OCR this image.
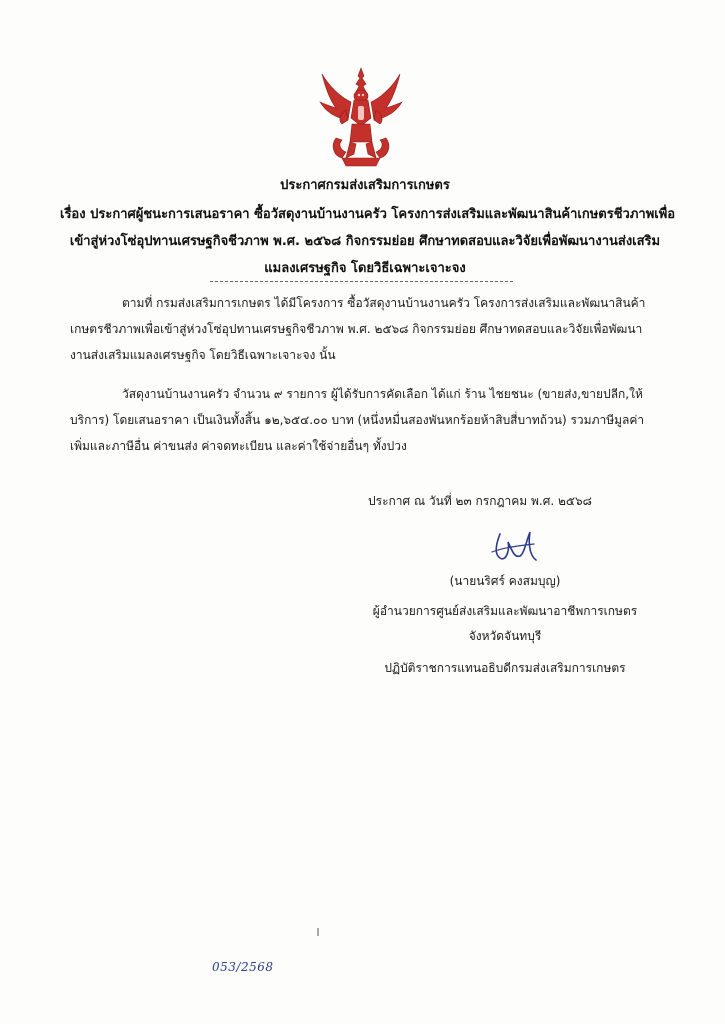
ประกาศกรมส่งเสริมการเกษตร
เรื่อง ประกาศผู้ชนะการเสนอราคา ซื้อวัสดุงานบ้านงานครัว โครงการส่งเสริมและพัฒนาสินค้าเกษตรชีวภาพเพื่อ
เข้าสู่ห่วงโซ่อุปทานเศรษฐกิจชีวภาพ พ.ศ. ๒๕๖๘ กิจกรรมย่อย ศึกษาทดสอบและวิจัยเพื่อพัฒนางานส่งเสริม
แมลงเศรษฐกิจ โดยวิธีเฉพาะเจาะจง
ตามที่ กรมส่งเสริมการเกษตร ได้มีโครงการ ซื้อวัสดุงานบ้านงานครัว โครงการส่งเสริมและพัฒนาสินค้า
เกษตรชีวภาพเพื่อเข้าสู่ห่วงโซ่อุปทานเศรษฐกิจชีวภาพ พ.ศ. ๒๕๖๘ กิจกรรมย่อย ศึกษาทดสอบและวิจัยเพื่อพัฒนา
งานส่งเสริมแมลงเศรษฐกิจ โดยวิธีเฉพาะเจาะจง นั้น
วัสดุงานบ้านงานครัว จำนวน ๙ รายการ ผู้ได้รับการคัดเลือก ได้แก่ ร้าน ไชยชนะ (ขายส่ง,ขายปลีก,ให้
บริการ) โดยเสนอราคา เป็นเงินทั้งสิ้น ๑๒,๖๕๔.๐๐ บาท (หนึ่งหมื่นสองพันหกร้อยห้าสิบสี่บาทถ้วน) รวมภาษีมูลค่า
เพิ่มและภาษีอื่น ค่าขนส่ง ค่าจดทะเบียน และค่าใช้จ่ายอื่นๆ ทั้งปวง
ประกาศ ณ วันที่ ๒๓ กรกฎาคม พ.ศ. ๒๕๖๘
(นายนริศร์ คงสมบุญ)
ผู้อำนวยการศูนย์ส่งเสริมและพัฒนาอาชีพการเกษตร
จังหวัดจันทบุรี
ปฏิบัติราชการแทนอธิบดีกรมส่งเสริมการเกษตร
053/2568
